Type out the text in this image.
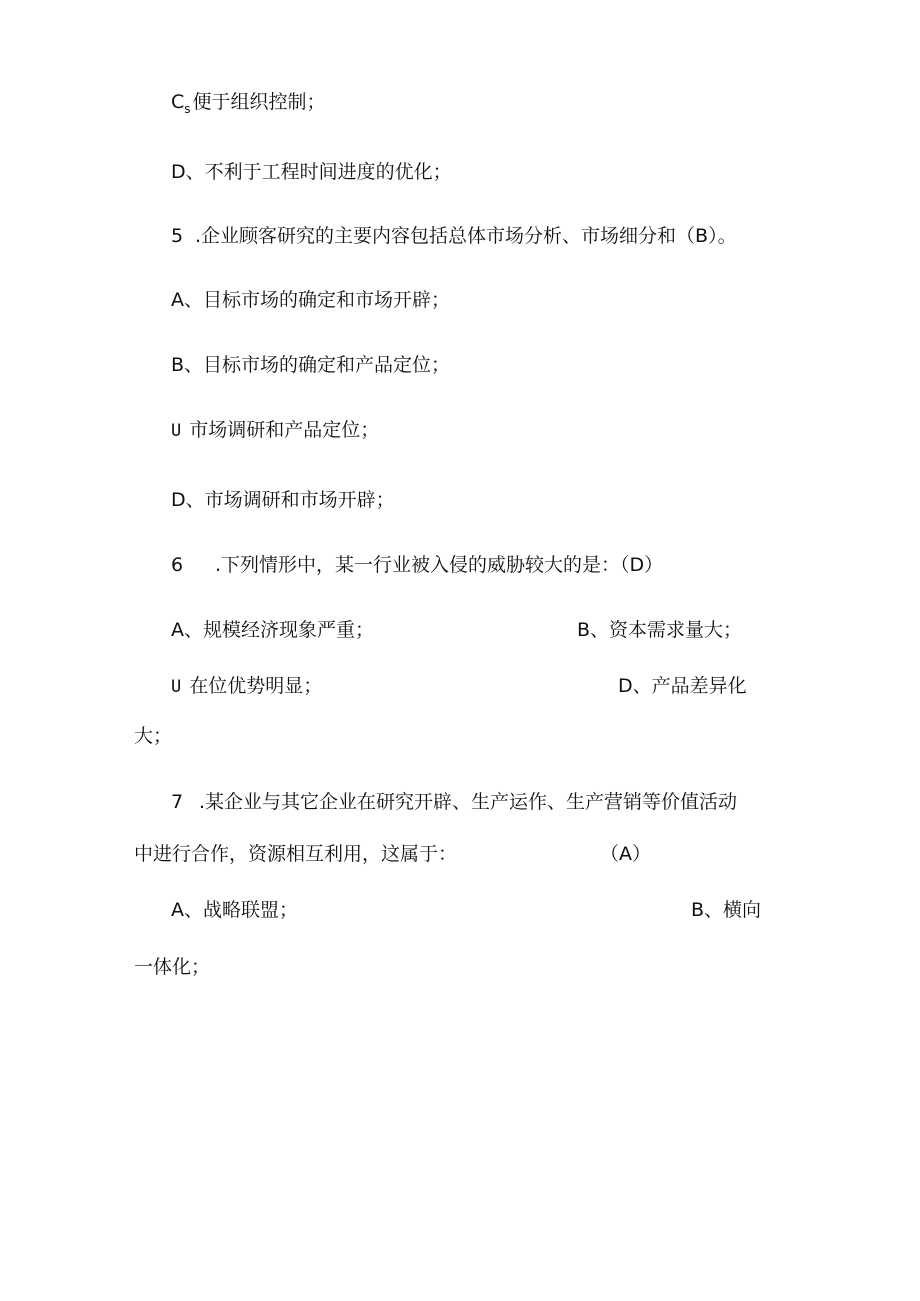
$C_s$ 便于组织控制；
D、不利于工程时间进度的优化；
5 .企业顾客研究的主要内容包括总体市场分析、市场细分和（B）。
A、目标市场的确定和市场开辟；
B、目标市场的确定和产品定位；
U 市场调研和产品定位；
D、市场调研和市场开辟；
6 .下列情形中，某一行业被入侵的威胁较大的是：（D）
A、规模经济现象严重；	B、资本需求量大；
U 在位优势明显；	D、产品差异化
大；
7 .某企业与其它企业在研究开辟、生产运作、生产营销等价值活动
中进行合作，资源相互利用，这属于：	（A）
A、战略联盟；	B、横向
一体化；
